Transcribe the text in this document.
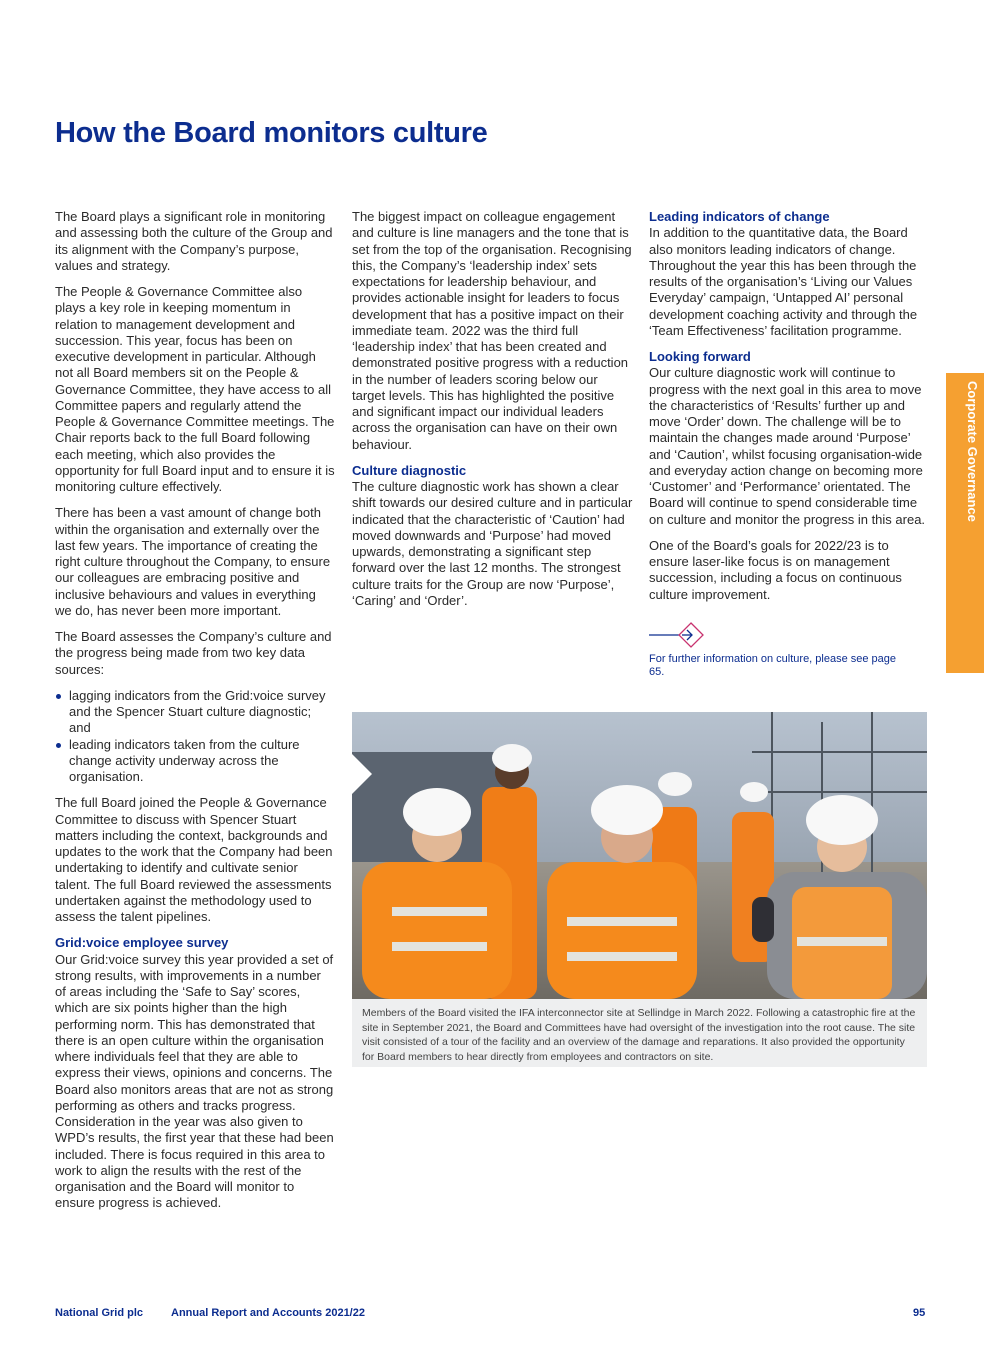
How the Board monitors culture

The Board plays a significant role in monitoring and assessing both the culture of the Group and its alignment with the Company’s purpose, values and strategy.

The People & Governance Committee also plays a key role in keeping momentum in relation to management development and succession. This year, focus has been on executive development in particular. Although not all Board members sit on the People & Governance Committee, they have access to all Committee papers and regularly attend the People & Governance Committee meetings. The Chair reports back to the full Board following each meeting, which also provides the opportunity for full Board input and to ensure it is monitoring culture effectively.

There has been a vast amount of change both within the organisation and externally over the last few years. The importance of creating the right culture throughout the Company, to ensure our colleagues are embracing positive and inclusive behaviours and values in everything we do, has never been more important.

The Board assesses the Company’s culture and the progress being made from two key data sources:

lagging indicators from the Grid:voice survey and the Spencer Stuart culture diagnostic; and
leading indicators taken from the culture change activity underway across the organisation.

The full Board joined the People & Governance Committee to discuss with Spencer Stuart matters including the context, backgrounds and updates to the work that the Company had been undertaking to identify and cultivate senior talent. The full Board reviewed the assessments undertaken against the methodology used to assess the talent pipelines.

Grid:voice employee survey

Our Grid:voice survey this year provided a set of strong results, with improvements in a number of areas including the ‘Safe to Say’ scores, which are six points higher than the high performing norm. This has demonstrated that there is an open culture within the organisation where individuals feel that they are able to express their views, opinions and concerns. The Board also monitors areas that are not as strong performing as others and tracks progress. Consideration in the year was also given to WPD’s results, the first year that these had been included. There is focus required in this area to work to align the results with the rest of the organisation and the Board will monitor to ensure progress is achieved.

The biggest impact on colleague engagement and culture is line managers and the tone that is set from the top of the organisation. Recognising this, the Company’s ‘leadership index’ sets expectations for leadership behaviour, and provides actionable insight for leaders to focus development that has a positive impact on their immediate team. 2022 was the third full ‘leadership index’ that has been created and demonstrated positive progress with a reduction in the number of leaders scoring below our target levels. This has highlighted the positive and significant impact our individual leaders across the organisation can have on their own behaviour.

Culture diagnostic

The culture diagnostic work has shown a clear shift towards our desired culture and in particular indicated that the characteristic of ‘Caution’ had moved downwards and ‘Purpose’ had moved upwards, demonstrating a significant step forward over the last 12 months. The strongest culture traits for the Group are now ‘Purpose’, ‘Caring’ and ‘Order’.

Leading indicators of change

In addition to the quantitative data, the Board also monitors leading indicators of change. Throughout the year this has been through the results of the organisation’s ‘Living our Values Everyday’ campaign, ‘Untapped AI’ personal development coaching activity and through the ‘Team Effectiveness’ facilitation programme.

Looking forward

Our culture diagnostic work will continue to progress with the next goal in this area to move the characteristics of ‘Results’ further up and move ‘Order’ down. The challenge will be to maintain the changes made around ‘Purpose’ and ‘Caution’, whilst focusing organisation-wide and everyday action change on becoming more ‘Customer’ and ‘Performance’ orientated. The Board will continue to spend considerable time on culture and monitor the progress in this area.

One of the Board’s goals for 2022/23 is to ensure laser-like focus is on management succession, including a focus on continuous culture improvement.

For further information on culture, please see page 65.
Corporate Governance
Members of the Board visited the IFA interconnector site at Sellindge in March 2022. Following a catastrophic fire at the site in September 2021, the Board and Committees have had oversight of the investigation into the root cause. The site visit consisted of a tour of the facility and an overview of the damage and reparations. It also provided the opportunity for Board members to hear directly from employees and contractors on site.
National Grid plc	Annual Report and Accounts 2021/22	95
